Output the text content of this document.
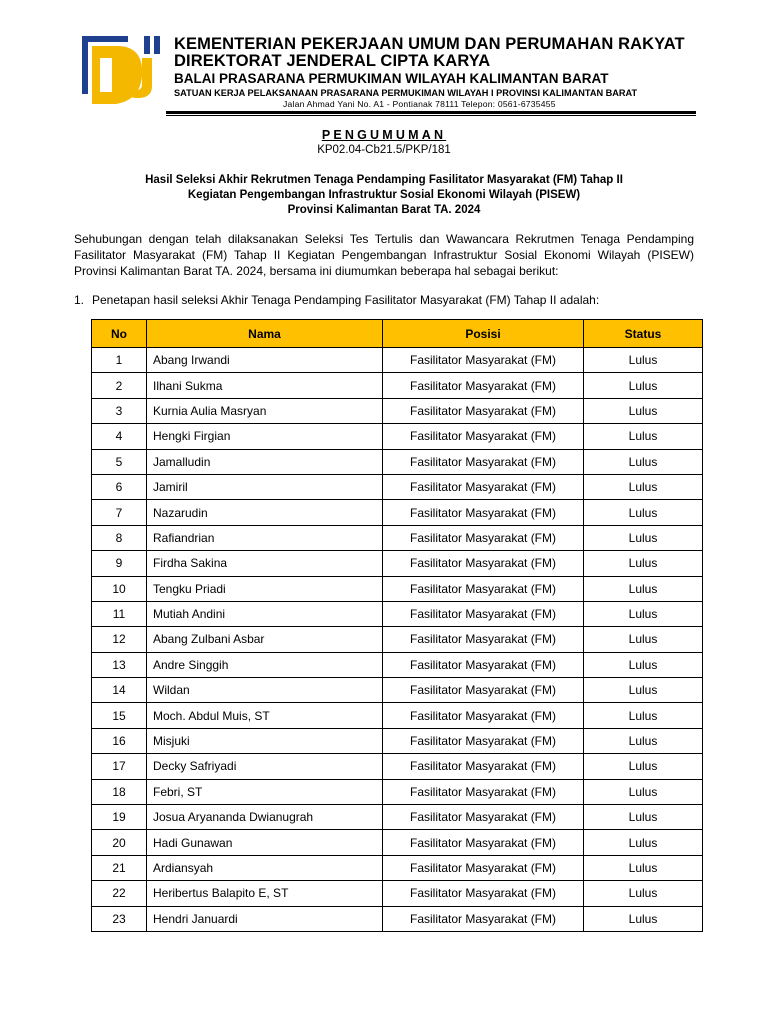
KEMENTERIAN PEKERJAAN UMUM DAN PERUMAHAN RAKYAT
DIREKTORAT JENDERAL CIPTA KARYA
BALAI PRASARANA PERMUKIMAN WILAYAH KALIMANTAN BARAT
SATUAN KERJA PELAKSANAAN PRASARANA PERMUKIMAN WILAYAH I PROVINSI KALIMANTAN BARAT
Jalan Ahmad Yani No. A1 - Pontianak 78111 Telepon: 0561-6735455
PENGUMUMAN
KP02.04-Cb21.5/PKP/181
Hasil Seleksi Akhir Rekrutmen Tenaga Pendamping Fasilitator Masyarakat (FM) Tahap II
Kegiatan Pengembangan Infrastruktur Sosial Ekonomi Wilayah (PISEW)
Provinsi Kalimantan Barat TA. 2024
Sehubungan dengan telah dilaksanakan Seleksi Tes Tertulis dan Wawancara Rekrutmen Tenaga Pendamping Fasilitator Masyarakat (FM) Tahap II Kegiatan Pengembangan Infrastruktur Sosial Ekonomi Wilayah (PISEW) Provinsi Kalimantan Barat TA. 2024, bersama ini diumumkan beberapa hal sebagai berikut:
1. Penetapan hasil seleksi Akhir Tenaga Pendamping Fasilitator Masyarakat (FM) Tahap II adalah:
No	Nama	Posisi	Status
1	Abang Irwandi	Fasilitator Masyarakat (FM)	Lulus
2	Ilhani Sukma	Fasilitator Masyarakat (FM)	Lulus
3	Kurnia Aulia Masryan	Fasilitator Masyarakat (FM)	Lulus
4	Hengki Firgian	Fasilitator Masyarakat (FM)	Lulus
5	Jamalludin	Fasilitator Masyarakat (FM)	Lulus
6	Jamiril	Fasilitator Masyarakat (FM)	Lulus
7	Nazarudin	Fasilitator Masyarakat (FM)	Lulus
8	Rafiandrian	Fasilitator Masyarakat (FM)	Lulus
9	Firdha Sakina	Fasilitator Masyarakat (FM)	Lulus
10	Tengku Priadi	Fasilitator Masyarakat (FM)	Lulus
11	Mutiah Andini	Fasilitator Masyarakat (FM)	Lulus
12	Abang Zulbani Asbar	Fasilitator Masyarakat (FM)	Lulus
13	Andre Singgih	Fasilitator Masyarakat (FM)	Lulus
14	Wildan	Fasilitator Masyarakat (FM)	Lulus
15	Moch. Abdul Muis, ST	Fasilitator Masyarakat (FM)	Lulus
16	Misjuki	Fasilitator Masyarakat (FM)	Lulus
17	Decky Safriyadi	Fasilitator Masyarakat (FM)	Lulus
18	Febri, ST	Fasilitator Masyarakat (FM)	Lulus
19	Josua Aryananda Dwianugrah	Fasilitator Masyarakat (FM)	Lulus
20	Hadi Gunawan	Fasilitator Masyarakat (FM)	Lulus
21	Ardiansyah	Fasilitator Masyarakat (FM)	Lulus
22	Heribertus Balapito E, ST	Fasilitator Masyarakat (FM)	Lulus
23	Hendri Januardi	Fasilitator Masyarakat (FM)	Lulus
